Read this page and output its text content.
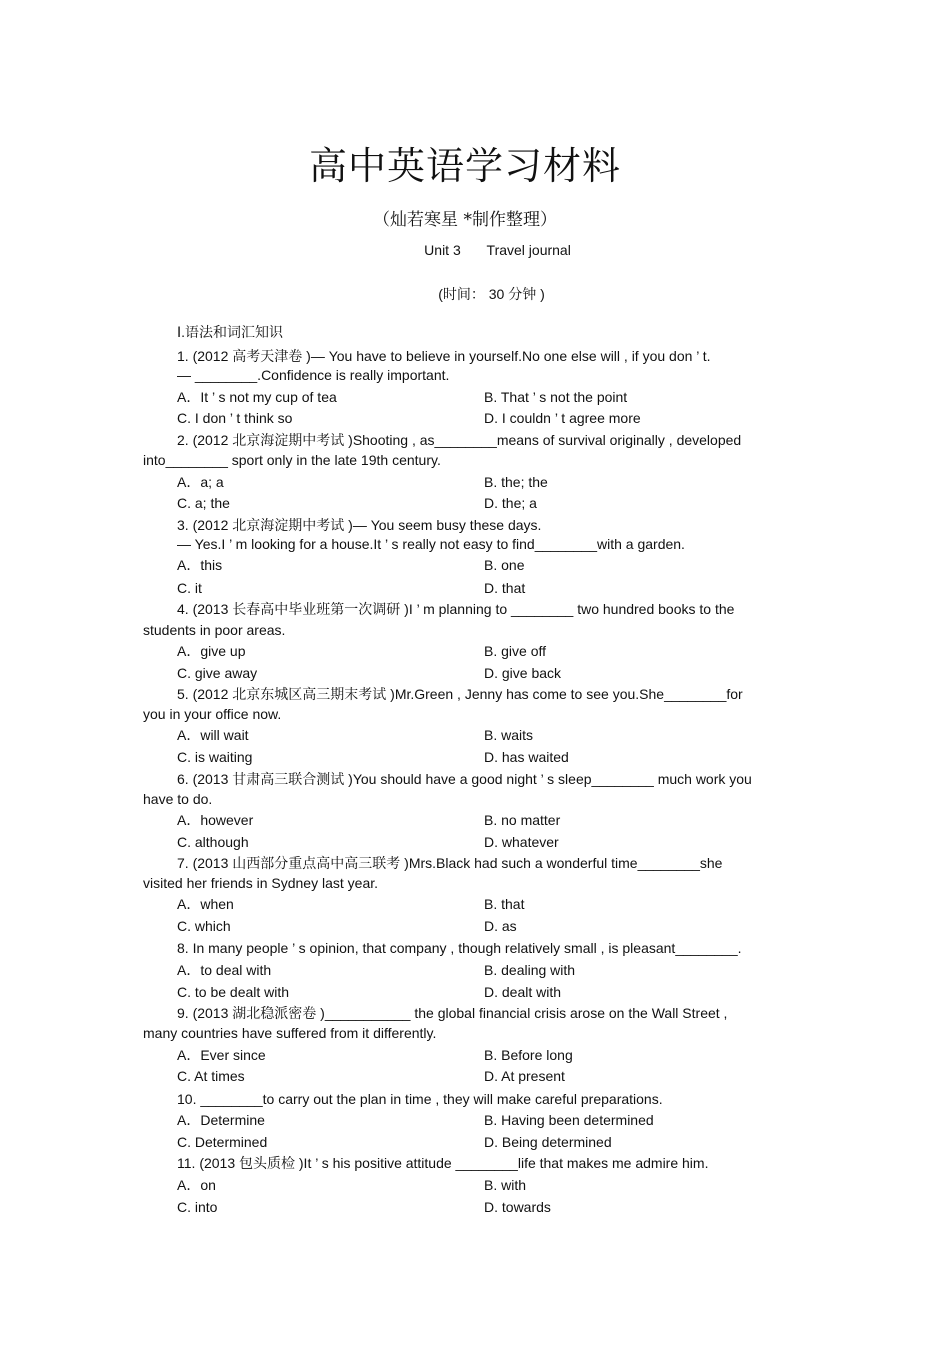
高中英语学习材料
（灿若寒星 *制作整理）
Unit 3 Travel journal
(时间： 30 分钟 )
Ⅰ.语法和词汇知识
1. (2012 高考天津卷 )— You have to believe in yourself.No one else will , if you don ’ t.
— ________.Confidence is really important.
A．It ’ s not my cup of tea	B. That ’ s not the point
C. I don ’ t think so	D. I couldn ’ t agree more
2. (2012 北京海淀期中考试 )Shooting , as________means of survival originally , developed
into________ sport only in the late 19th century.
A．a; a	B. the; the
C. a; the	D. the; a
3. (2012 北京海淀期中考试 )— You seem busy these days.
— Yes.I ’ m looking for a house.It ’ s really not easy to find________with a garden.
A．this	B. one
C. it	D. that
4. (2013 长春高中毕业班第一次调研 )I ’ m planning to ________ two hundred books to the
students in poor areas.
A．give up	B. give off
C. give away	D. give back
5. (2012 北京东城区高三期末考试 )Mr.Green , Jenny has come to see you.She________for
you in your office now.
A．will wait	B. waits
C. is waiting	D. has waited
6. (2013 甘肃高三联合测试 )You should have a good night ’ s sleep________ much work you
have to do.
A．however	B. no matter
C. although	D. whatever
7. (2013 山西部分重点高中高三联考 )Mrs.Black had such a wonderful time________she
visited her friends in Sydney last year.
A．when	B. that
C. which	D. as
8. In many people ’ s opinion, that company , though relatively small , is pleasant________.
A．to deal with	B. dealing with
C. to be dealt with	D. dealt with
9. (2013 湖北稳派密卷 )___________ the global financial crisis arose on the Wall Street ,
many countries have suffered from it differently.
A．Ever since	B. Before long
C. At times	D. At present
10. ________to carry out the plan in time , they will make careful preparations.
A．Determine	B. Having been determined
C. Determined	D. Being determined
11. (2013 包头质检 )It ’ s his positive attitude ________life that makes me admire him.
A．on	B. with
C. into	D. towards
